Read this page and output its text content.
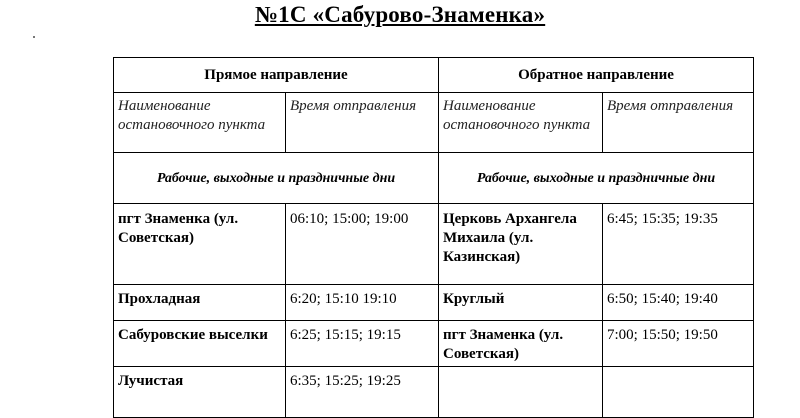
№1С «Сабурово-Знаменка»
Прямое направление		Обратное направление	
Наименование остановочного пункта	Время отправления	Наименование остановочного пункта	Время отправления
Рабочие, выходные и праздничные дни		Рабочие, выходные и праздничные дни	
пгт Знаменка (ул. Советская)	06:10; 15:00; 19:00	Церковь Архангела Михаила (ул. Казинская)	6:45; 15:35; 19:35
Прохладная	6:20; 15:10 19:10	Круглый	6:50; 15:40; 19:40
Сабуровские выселки	6:25; 15:15; 19:15	пгт Знаменка (ул. Советская)	7:00; 15:50; 19:50
Лучистая	6:35; 15:25; 19:25		
